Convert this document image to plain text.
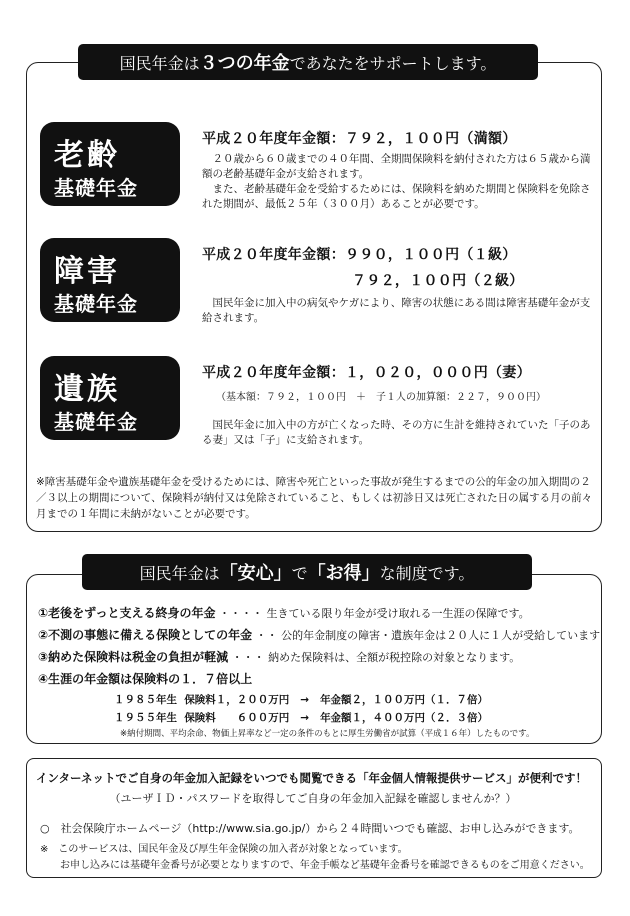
国民年金は ３つの年金 であなたをサポートします。
老齢
基礎年金
平成２０年度年金額：７９２，１００円（満額）
　２０歳から６０歳までの４０年間、全期間保険料を納付された方は６５歳から満額の老齢基礎年金が支給されます。
　また、老齢基礎年金を受給するためには、保険料を納めた期間と保険料を免除された期間が、最低２５年（３００月）あることが必要です。
障害
基礎年金
平成２０年度年金額：９９０，１００円（１級）
７９２，１００円（２級）
　国民年金に加入中の病気やケガにより、障害の状態にある間は障害基礎年金が支給されます。
遺族
基礎年金
平成２０年度年金額：１，０２０，０００円（妻）
（基本額：７９２，１００円　＋　子１人の加算額：２２７，９００円）
　国民年金に加入中の方が亡くなった時、その方に生計を維持されていた「子のある妻」又は「子」に支給されます。
※障害基礎年金や遺族基礎年金を受けるためには、障害や死亡といった事故が発生するまでの公的年金の加入期間の２／３以上の期間について、保険料が納付又は免除されていること、もしくは初診日又は死亡された日の属する月の前々月までの１年間に未納がないことが必要です。
国民年金は 「安心」 で 「お得」 な制度です。
①老後をずっと支える終身の年金 ・・・・ 生きている限り年金が受け取れる一生涯の保障です。
②不測の事態に備える保険としての年金 ・・ 公的年金制度の障害・遺族年金は２０人に１人が受給しています
③納めた保険料は税金の負担が軽減 ・・・ 納めた保険料は、全額が税控除の対象となります。
④生涯の年金額は保険料の１．７倍以上
１９８５年生 保険料１，２００万円 → 年金額２，１００万円（１．７倍）
１９５５年生 保険料　　６００万円 → 年金額１，４００万円（２．３倍）
※納付期間、平均余命、物価上昇率など一定の条件のもとに厚生労働省が試算（平成１６年）したものです。
インターネットでご自身の年金加入記録をいつでも閲覧できる「年金個人情報提供サービス」が便利です！
（ユーザＩＤ・パスワードを取得してご自身の年金加入記録を確認しませんか？）
○　社会保険庁ホームページ（http://www.sia.go.jp/）から２４時間いつでも確認、お申し込みができます。
※　このサービスは、国民年金及び厚生年金保険の加入者が対象となっています。
　　お申し込みには基礎年金番号が必要となりますので、年金手帳など基礎年金番号を確認できるものをご用意ください。
